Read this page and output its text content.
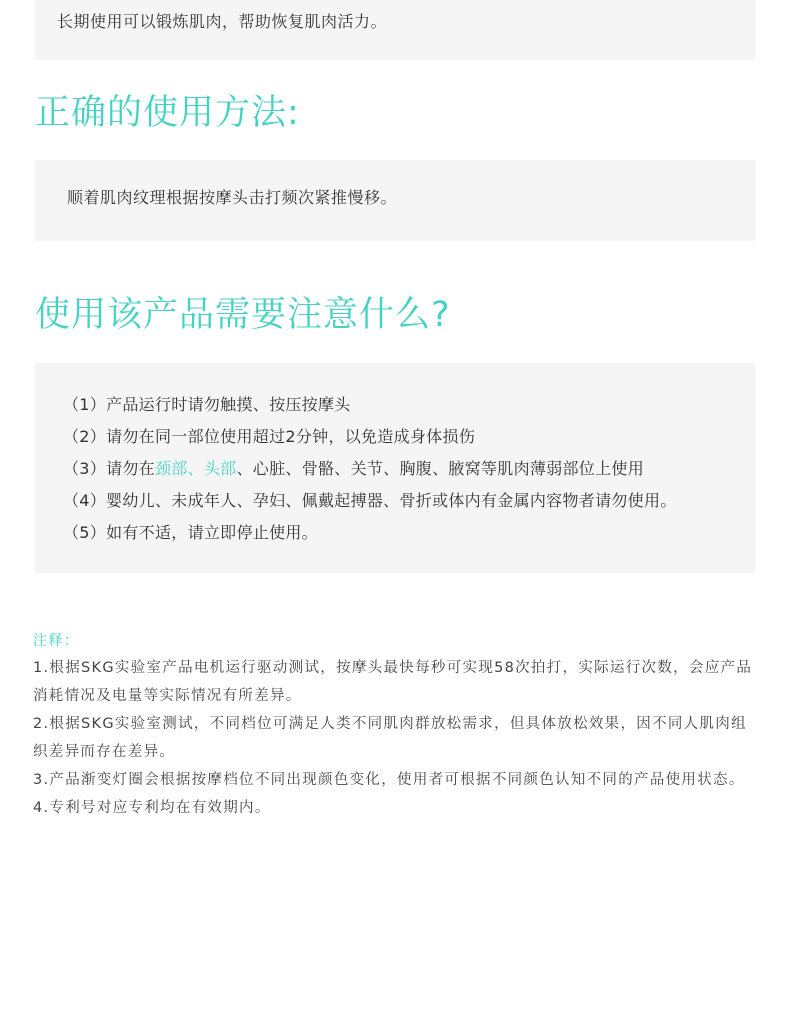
长期使用可以锻炼肌肉，帮助恢复肌肉活力。
正确的使用方法:
顺着肌肉纹理根据按摩头击打频次紧推慢移。
使用该产品需要注意什么?
（1）产品运行时请勿触摸、按压按摩头
（2）请勿在同一部位使用超过2分钟，以免造成身体损伤
（3）请勿在颈部、头部、心脏、骨骼、关节、胸腹、腋窝等肌肉薄弱部位上使用
（4）婴幼儿、未成年人、孕妇、佩戴起搏器、骨折或体内有金属内容物者请勿使用。
（5）如有不适，请立即停止使用。
注释：

1.根据SKG实验室产品电机运行驱动测试，按摩头最快每秒可实现58次拍打，实际运行次数，会应产品消耗情况及电量等实际情况有所差异。

2.根据SKG实验室测试，不同档位可满足人类不同肌肉群放松需求，但具体放松效果，因不同人肌肉组织差异而存在差异。

3.产品渐变灯圈会根据按摩档位不同出现颜色变化，使用者可根据不同颜色认知不同的产品使用状态。

4.专利号对应专利均在有效期内。
